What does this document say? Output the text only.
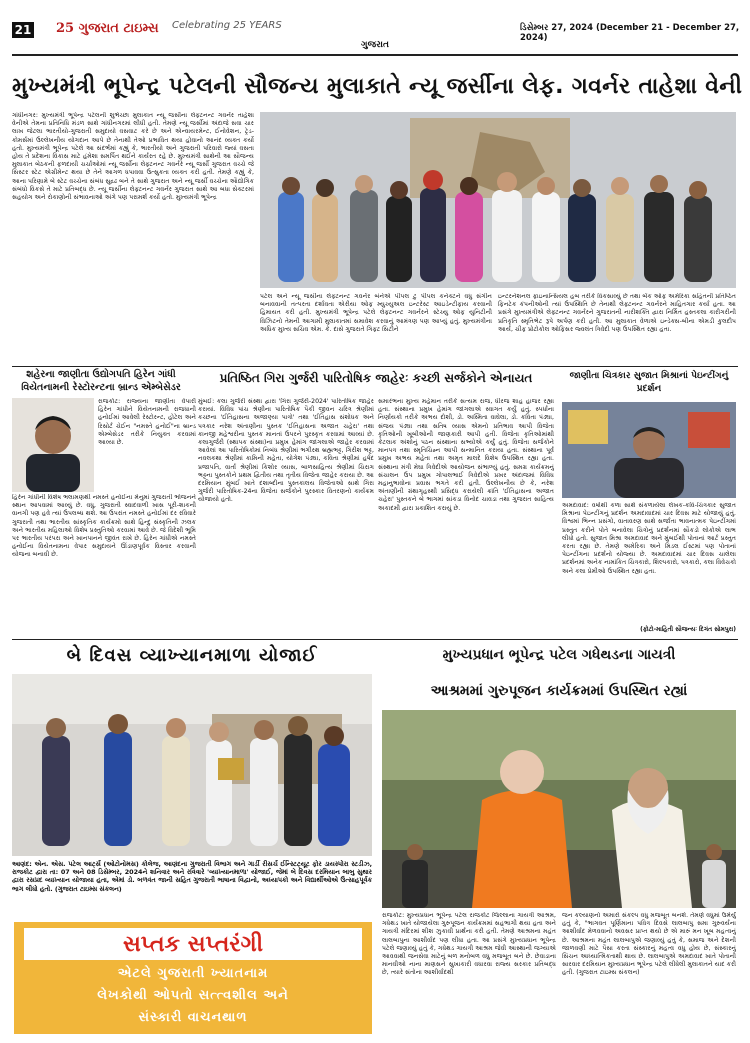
21 25 ગુજરાત ટાઇમ્સ Celebrating 25 YEARS	ડિસેમ્બર 27, 2024 (December 21 - December 27, 2024)
ગુજરાત
મુખ્યમંત્રી ભૂપેન્દ્ર પટેલની સૌજન્ય મુલાકાતે ન્યૂ જર્સીના લેફ. ગવર્નર તાહેશા વેની
ગાંધીનગર: મુખ્યમંત્રી ભૂપેન્દ્ર પટેલની શુભેચ્છા મુલાકાત ન્યૂ જર્સીના લેફ્ટનન્ટ ગવર્નર તાહેશા વેનીએ તેમના પ્રતિનિધિ મંડળ સાથે ગાંધીનગરમાં લીધી હતી. તેમણે ન્યૂ જર્સીમાં અંદાજે સવા ચાર લાખ જેટલા ભારતીયો-ગુજરાતી સમુદાયો વસવાટ કરે છે અને એન્વાયરમેન્ટ, ઈનોવેશન, ટ્રેડ-કોમર્સમાં ઉલ્લેખનીય યોગદાન આપે છે તેનાથી તેઓ પ્રભાવિત થયા હોવાનો આનંદ વ્યક્ત કર્યો હતો. મુખ્યમંત્રી ભૂપેન્દ્ર પટેલે આ સંદર્ભમાં કહ્યું કે, ભારતીયો અને ગુજરાતી પરિવારો જ્યાં વસતા હોય તે પ્રદેશના વિકાસ માટે હંમેશા સમર્પિત થઈને કાર્યરત રહે છે. મુખ્યમંત્રી સાથેની આ સૌજન્ય મુલાકાત બેઠકની ફળદાયી ચર્ચાઓમાં ન્યૂ જર્સીના લેફ્ટનન્ટ ગવર્નરે ન્યૂ જર્સી ગુજરાત વચ્ચે જે સિસ્ટર સ્ટેટ એગ્રીમેન્ટ થયા છે તેને આગળ ધપાવવા ઉત્સુકતા વ્યક્ત કરી હતી. તેમણે કહ્યું કે, આના પરિણામે બે સ્ટેટ વચ્ચેના સંબંધ સુદ્રઢ બને તે સાથે ગુજરાત અને ન્યૂ જર્સી વચ્ચેના ઔદ્યોગિક સંબંધો વિકસે તે માટે પ્રતિબદ્ધ છે. ન્યૂ જર્સીના લેફ્ટનન્ટ ગવર્નર ગુજરાત સાથે આ બધા સેક્ટરમાં સહયોગ અને રોકાણોની સંભાવનાઓ અંગે પણ પરામર્શ કર્યો હતો. મુખ્યમંત્રી ભૂપેન્દ્ર
પટેલ અને ન્યૂ જર્સીના લેફ્ટનન્ટ ગવર્નર બંનેએ પીપલ ટુ પીપલ કનેક્ટને વધુ સંગીન બનાવવાની તત્પરતા દર્શાવતા એરીયા ઓફ મ્યુચ્યુઅલ ઇન્ટરેસ્ટ આઇડેન્ટીફાય કરવાની હિમાયત કરી હતી. મુખ્યમંત્રી ભૂપેન્દ્ર પટેલે લેફ્ટનન્ટ ગવર્નરને સ્ટેચ્યુ ઓફ યુનિટીની વિઝિટનો તેમની આગામી મુલાકાતમાં સમાવેશ કરવાનું આમંત્રણ પણ આપ્યું હતું. મુખ્યમંત્રીના અધિક મુખ્ય સચિવ એમ. કે. દાસે ગુજરાતે ગિફ્ટ સિટીને
ઇન્ટરનેશનલ ફાઇનાન્સિયલ હબ તરીકે વિકસાવ્યું છે તથા બેંક ઓફ અમેરિકા સહિતની પ્રતિષ્ઠિત ફિનટેક કંપનીઓની ત્યાં ઉપસ્થિતિ છે તેનાથી લેફ્ટનન્ટ ગવર્નરને માહિતગાર કર્યા હતા. આ પ્રસંગે મુખ્યમંત્રીએ લેફ્ટનન્ટ ગવર્નરને ગુજરાતની નારીશક્તિ દ્વારા નિર્મિત હસ્તકલા કારીગરીની પ્રતિકૃતિ સ્મૃતિભેટ રૂપે અર્પણ કરી હતી. આ મુલાકાત વેળાએ ઇન્ડેક્સ-બીના એમડી કુલદીપ આર્ય, ચીફ પ્રોટોકોલ ઓફિસર જ્વલંત ત્રિવેદી પણ ઉપસ્થિત રહ્યા હતા.
શહેરના જાણીતા ઉદ્યોગપતિ હિરેન ગાંધી વિયેતનામની રેસ્ટોરન્ટના બ્રાન્ડ એમ્બેસેડર
રાજકોટ: રાજ્યના જાણીતા વેપારી હિરેન ગાંધીને વિયેતનામની રાજધાની હનોઈમાં આવેલી રેસ્ટોરન્ટ, હોટેલ અને રિસોર્ટ ચેઈન "નમસ્તે હનોઈ"ના બ્રાન્ડ એમ્બેસેડર તરીકે નિયુક્ત કરવામાં આવ્યા છે.
હિરેન ગાંધીની વિશેષ ભલામણથી નમસ્તે હનોઈના મેનુમાં ગુજરાતી ભોજનને સ્થાન આપવામાં આવ્યું છે. વધુ, ગુજરાતી સ્વાદવાળી ખાસ પૂરી-શાકની વાનગી પણ હવે ત્યાં ઉપલબ્ધ થશે. આ ઉપરાંત નમસ્તે હનોઈમાં દર રવિવારે ગુજરાતી તથા ભારતીય સાંસ્કૃતિક કાર્યક્રમો સાથે હિન્દુ સંસ્કૃતિની ઝલક અને ભારતીય મહિલાઓ વિશેષ પ્રસ્તુતિઓ કરવામાં આવે છે. જે વિદેશી ભૂમિ પર ભારતીય પરંપરા અને ખાનપાનને જીવંત રાખે છે. હિરેન ગાંધીએ નમસ્તે હનોઈના વિયેતનામના વેપાર સમુદાયને ઊંડાણપૂર્વક વિસ્તાર કરવાની યોજના બનાવી છે.
પ્રતિષ્ઠિત ગિરા ગુર્જરી પારિતોષિક જાહેરઃ કચ્છી સર્જકોને એનાયત
મુંબઈ: કલા ગુર્જરી સંસ્થા દ્વારા 'ગિરા ગુર્જરી-2024' પારિતોષિક જાહેર કરાયાં. વિવિધ પાંચ શ્રેણીના પારિતોષિક પૈકી જીવન ચરિત્ર શ્રેણીમાં કચ્છના 'ઈતિહાસના અજાણ્યા પાત્રો' તથા 'ઈતિહાસ સંશોધક અને પત્રકાર નરેશ અંતાણીના પુસ્તક 'ઈતિહાસના અજાત ચહેરા' તથા કાનજી મહેશ્વરીના પુસ્તક માનતાં ઉપરને પુરસ્કૃત કરવામાં આવ્યાં છે. કલાગુર્જરી (સ્થાપક સંસ્થા)ના પ્રમુખ હેમાંગ જાંગલાએ જાહેર કરવામાં આવેલાં આ પારિતોષિકોમાં નિબંધ શ્રેણીમાં ભગીરથ બ્રહ્મભટ્ટ, ગિરીશ ભટ્ટ, નવલકથા શ્રેણીમાં કામિની મહેતા, યોગેશ પંડ્યા, કવિતા શ્રેણીમાં હર્ષદ પ્રજાપતિ, વાર્તા શ્રેણીમાં કિશોર વ્યાસ, બાળસાહિત્ય શ્રેણીમાં ચિરાગ ભટ્ટના પુસ્તકોને પ્રથમ દ્વિતીય તથા તૃતીય વિજેતા જાહેર કરાયા છે. આ દરમિયાન મુંબઈ ખાતે દશાબ્દીના પુસ્તકાલય વિજેતાઓ સાથે ગિરા ગુર્જરી પારિતોષિક-24ના વિજેતા સર્જકોને પુરસ્કાર વિતરણનો કાર્યક્રમ યોજાયો હતો.
સમારંભના મુખ્ય મહેમાન તરીકે સત્યમ રાજ, ધીરજ શાહ હાજર રહ્યા હતા. સંસ્થાના પ્રમુખ હેમાંગ જાંગલાએ સ્વાગત કર્યું હતું. સ્પર્ધાના નિર્ણાયકો તરીકે અભય દોશી, ડો. અસ્મિતા વાઘેલા, ડો. કવિતા પંડ્યા, સંજય પંડ્યા તથા સતિષ વ્યાસ એમનો પ્રતિભાવ આપી વિજેતા કૃતિઓની ખૂબીઓની જાણકારી આપી હતી. વિજેતા કૃતિઓમાંથી કેટલાક અંશોનું પઠન સંસ્થાના સભ્યોએ કર્યું હતું. વિજેતા સર્જકોને માનપત્ર તથા સ્મૃતિચિહ્ન આપી સન્માનિત કરાયા હતા. સંસ્થાના પૂર્વ પ્રમુખ અભય મહેતા તથા અમૃત માલદે વિશેષ ઉપસ્થિત રહ્યા હતા. સંસ્થાના મંત્રી મેઘા ત્રિવેદીએ આયોજન સંભાળ્યું હતું. સમગ્ર કાર્યક્રમનું સંચાલન ઉપ પ્રમુખ ગોપાલભાઈ ત્રિવેદીએ પ્રખર અંદાજમાં વિવિધ મહાનુભાવોના પ્રવાસ ભગતે કરી હતી. ઉલ્લેખનીય છે કે, નરેશ અંતાણીની ગ્રંથાગૃહસ્થી પ્રસિદ્ધ કરાયેલી ક્રાંતિ 'ઈતિહાસના અજાત ચહેરા' પુસ્તકને બે ભાગમાં સાંકડા વિનોદ ચાવડા તથા ગુજરાત સાહિત્ય અકાદમી દ્વારા પ્રકાશિત કરાયું છે.
જાણીતા ચિત્રકાર સુજાત મિશ્રાનાં પેઇન્ટીંગનું પ્રદર્શન
અમદાવાદ: વર્ષોથી કળા સાથે સંકળાયેલા લેખક-કવિ-ચિત્રકાર સુજાત મિશ્રાના પેઇન્ટીંગનું પ્રદર્શન અમદાવાદમાં ચાર દિવસ માટે યોજાયું હતું. વિશ્વમાં ભિન્ન પ્રસંગો, વાતાવરણ સાથે સર્જાતા ભાવનાત્મક પેઇન્ટીંગમાં પ્રસ્તુત કરીને પોતે બનાવેલા ચિત્રોનું પ્રદર્શનમાં સૌકડો લોકોએ લાભ લીધો હતો. સુજાત મિશ્રા અમદાવાદ અને મુંબઈથી પોતાનાં આર્ટ પ્રસ્તુત કરતા રહ્યા છે. તેમણે અમેરિકા અને મિડલ ઈસ્ટમાં પણ પોતાનાં પેઇન્ટીંગના પ્રદર્શનો યોજ્યા છે. અમદાવાદમાં ચાર દિવસ ચાલેલા પ્રદર્શનમાં અનેક નામાંકિત ચિત્રકારો, શિલ્પકારો, પત્રકારો, કલા વિવેચકો અને કલા પ્રેમીઓ ઉપસ્થિત રહ્યા હતા.
(ફોટો-માહિતી સૌજન્યઃ દિગંત સોમપુરા)
બે દિવસ વ્યાખ્યાનમાળા યોજાઈ
આણંદ: એન. એસ. પટેલ આર્ટ્સ (ઓટોનોમસ) કોલેજ, આણંદના ગુજરાતી વિભાગ અને ગાર્ડી રીસર્ચ ઈન્સ્ટિટ્યૂટ ફોર ડાયસ્પોરા સ્ટડીઝ, રાજકોટ દ્વારા તા: 07 અને 08 ડિસેમ્બર, 2024ને શનિવાર અને રવિવારે 'વ્યાખ્યાનમાળા' યોજાઈ, જેમાં બે દિવસ દરમિયાન બાબુ સુથાર દ્વારા રસપ્રદ વ્યાખ્યાન યોજાયા હતા, એમાં ડો. બળવંત જાની સહિત ગુજરાતી ભાષાના વિદ્વાનો, અધ્યાપકો અને વિદ્યાર્થીઓએ ઉત્સાહપૂર્વક ભાગ લીધો હતો. (ગુજરાત ટાઇમ્સ સંકલન)
સપ્તક સપ્તરંગી
એટલે ગુજરાતી ખ્યાતનામ
લેખકોથી ઓપતો સત્ત્વશીલ અને
સંસ્કારી વાચનથાળ
મુખ્યપ્રધાન ભૂપેન્દ્ર પટેલ ગધેથડના ગાયત્રી
આશ્રમમાં ગુરુપૂજન કાર્યક્રમમાં ઉપસ્થિત રહ્યાં
રાજકોટ: મુખ્યપ્રધાન ભૂપેન્દ્ર પટેલ રાજકોટ જિલ્લાના ગાયત્રી આશ્રમ, ગધેથડ ખાતે યોજાયેલા ગુરુપૂજન કાર્યક્રમમાં સહભાગી થયા હતા અને ગાયત્રી મંદિરમાં શીશ ઝુકાવી પ્રાર્થના કરી હતી. તેમણે આશ્રમના મહંત લાલબાપુના આશીર્વાદ પણ લીધા હતા. આ પ્રસંગે મુખ્યપ્રધાન ભૂપેન્દ્ર પટેલે જણાવ્યું હતું કે, ગધેથડ ગાયત્રી આશ્રમ જેવી આસ્થાની જગ્યાએ આવવાથી જનસેવા માટેનું બળ મનોબળ વધુ મજબૂત બને છે. છેવાડાના માનવીઓ નાના માણસને સુખાકારી વધારવા રાજ્ય સરકાર પ્રતિબદ્ધ છે, ત્યારે સંતોના આશીર્વાદથી
જન કલ્યાણનો અમારો સંકલ્પ વધુ મજબૂત બનશે. તેમણે વધુમાં ઉમેર્યું હતું કે, "ભાગવત પૂર્ણિમાના પવિત્ર દિવસે લાલબાપુ સમા ગુરુવર્યના આશીર્વાદ મેળવવાનો અવસર પ્રાપ્ત થયો છે એ મારું મન ખૂબ મહત્વનું છે. આશ્રમના મહંત લાલબાપુએ જણાવ્યું હતું કે, સમાજ અને દેશની જાળવણી માટે પૈસા કરતા સંસ્કારનું મહત્વ વધુ હોય છે, સંસ્કારનું સિંચન આધ્યાત્મિકતાથી થાય છે. લાલબાપુએ અમદાવાદ ખાતે પોતાની સારવાર દરમિયાન મુખ્યપ્રધાન ભૂપેન્દ્ર પટેલે લીધેલી મુલાકાતને યાદ કરી હતી. (ગુજરાત ટાઇમ્સ સંકલન)
